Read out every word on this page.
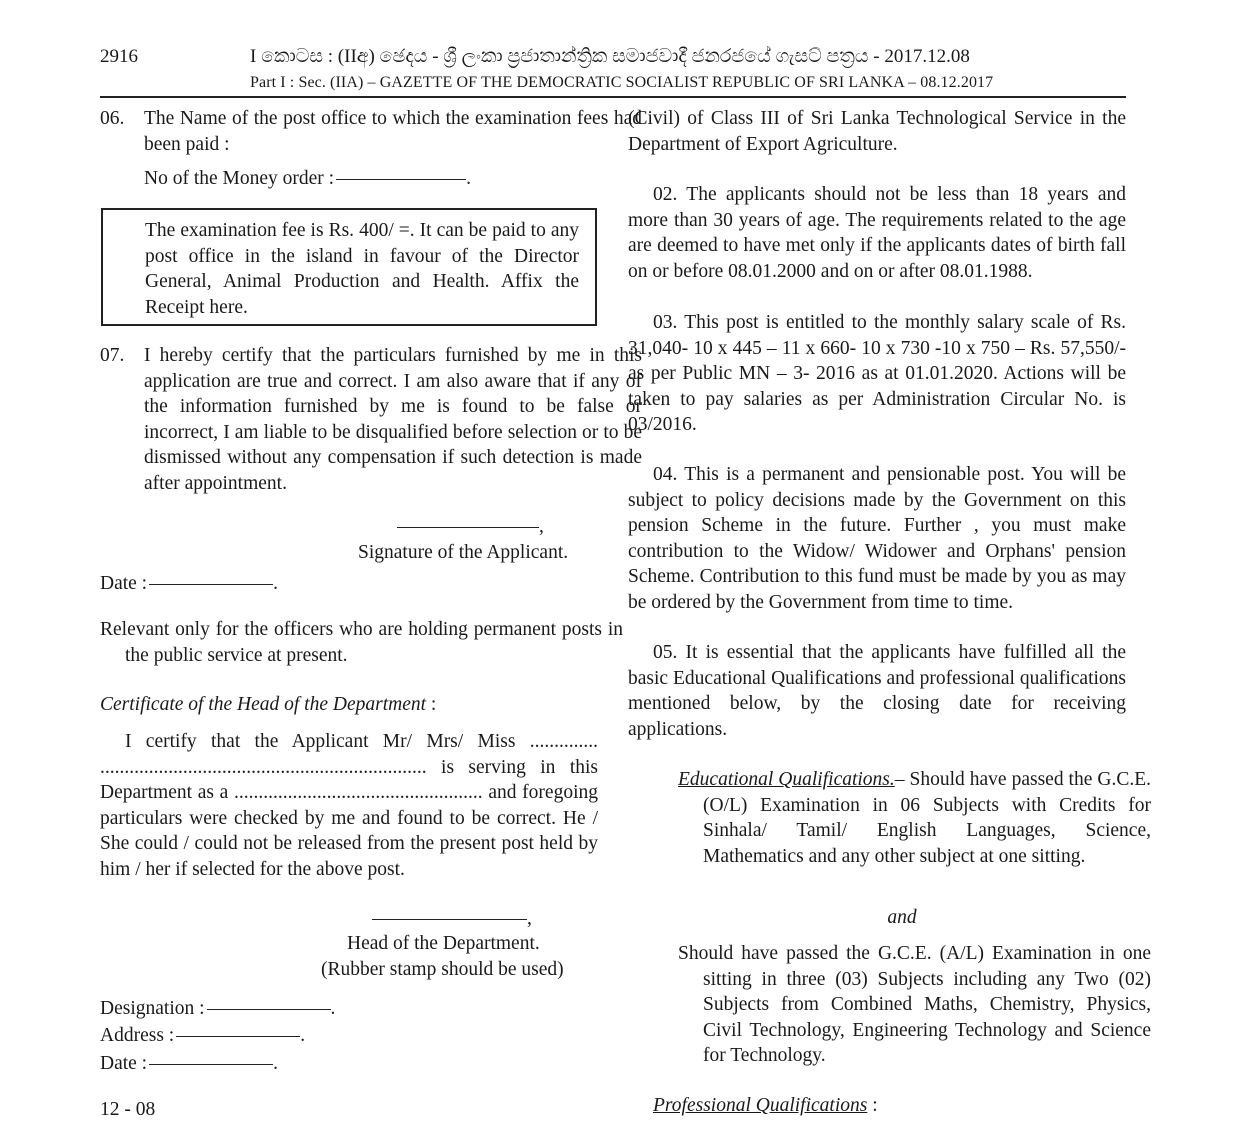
2916	I කොටස : (IIඅ) ඡෙදය - ශ්‍රී ලංකා ප්‍රජාතාන්ත්‍රික සමාජවාදී ජනරජයේ ගැසට් පත්‍රය - 2017.12.08
Part I : Sec. (IIA) – GAZETTE OF THE DEMOCRATIC SOCIALIST REPUBLIC OF SRI LANKA – 08.12.2017
06. The Name of the post office to which the examination fees had been paid :
No of the Money order :	.
The examination fee is Rs. 400/ =. It can be paid to any post office in the island in favour of the Director General, Animal Production and Health. Affix the Receipt here.
07. I hereby certify that the particulars furnished by me in this application are true and correct. I am also aware that if any of the information furnished by me is found to be false or incorrect, I am liable to be disqualified before selection or to be dismissed without any compensation if such detection is made after appointment.
,
Signature of the Applicant.
Date :	.
Relevant only for the officers who are holding permanent posts in the public service at present.
Certificate of the Head of the Department :
I certify that the Applicant Mr/ Mrs/ Miss .............. ................................................................... is serving in this Department as a ................................................... and foregoing particulars were checked by me and found to be correct. He / She could / could not be released from the present post held by him / her if selected for the above post.
,
Head of the Department.
(Rubber stamp should be used)
Designation :	.
Address :	.
Date :	.
12 - 08
(Civil) of Class III of Sri Lanka Technological Service in the Department of Export Agriculture.
02. The applicants should not be less than 18 years and more than 30 years of age. The requirements related to the age are deemed to have met only if the applicants dates of birth fall on or before 08.01.2000 and on or after 08.01.1988.
03. This post is entitled to the monthly salary scale of Rs. 31,040- 10 x 445 – 11 x 660- 10 x 730 -10 x 750 – Rs. 57,550/- as per Public MN – 3- 2016 as at 01.01.2020. Actions will be taken to pay salaries as per Administration Circular No. is 03/2016.
04. This is a permanent and pensionable post. You will be subject to policy decisions made by the Government on this pension Scheme in the future. Further , you must make contribution to the Widow/ Widower and Orphans' pension Scheme. Contribution to this fund must be made by you as may be ordered by the Government from time to time.
05. It is essential that the applicants have fulfilled all the basic Educational Qualifications and professional qualifications mentioned below, by the closing date for receiving applications.
Educational Qualifications.– Should have passed the G.C.E. (O/L) Examination in 06 Subjects with Credits for Sinhala/ Tamil/ English Languages, Science, Mathematics and any other subject at one sitting.
and
Should have passed the G.C.E. (A/L) Examination in one sitting in three (03) Subjects including any Two (02) Subjects from Combined Maths, Chemistry, Physics, Civil Technology, Engineering Technology and Science for Technology.
Professional Qualifications :
